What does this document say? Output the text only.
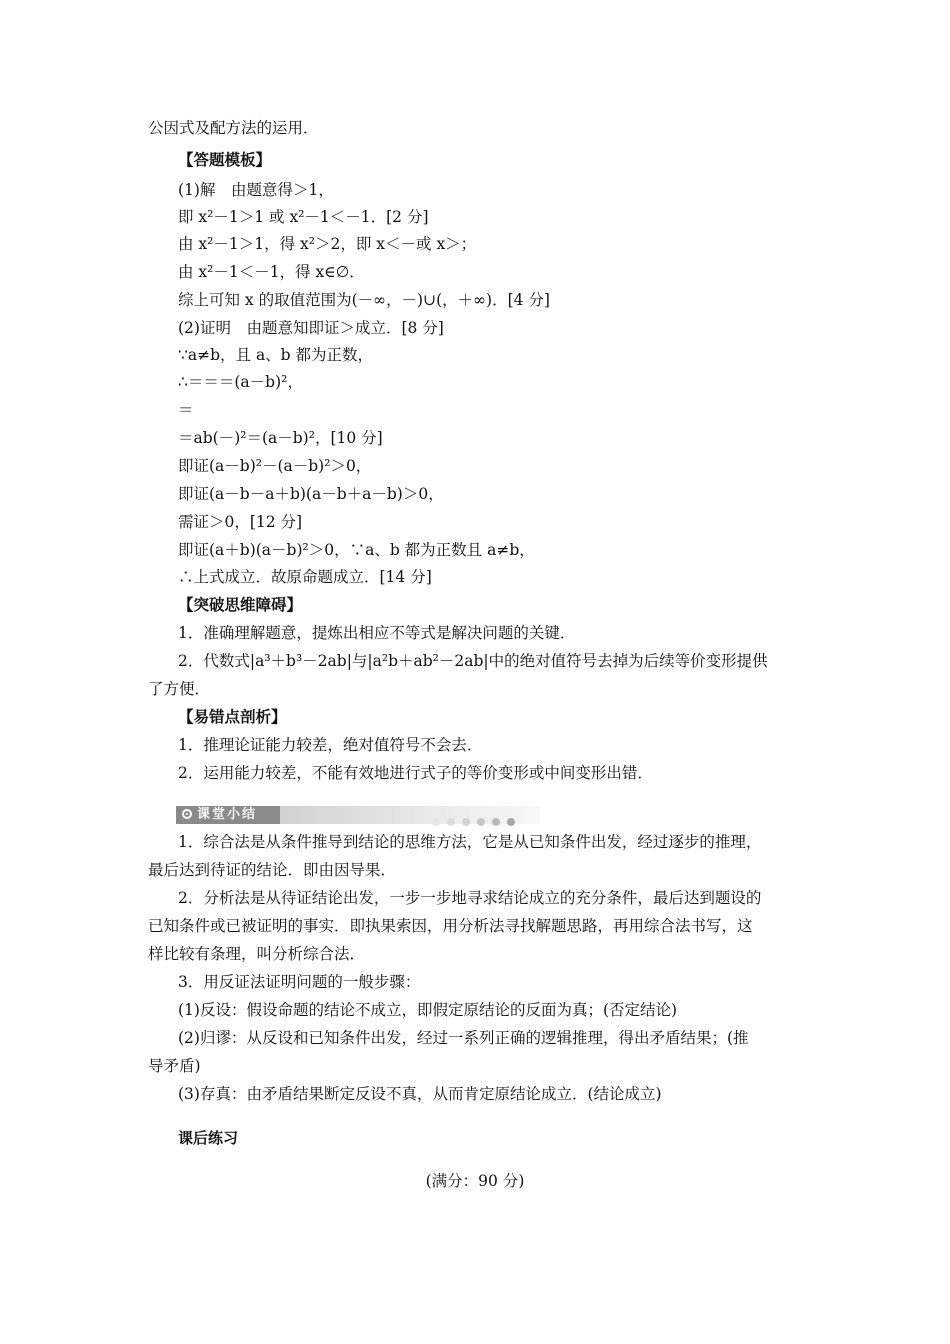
公因式及配方法的运用．
【答题模板】
(1)解　由题意得＞1，
即 x²－1＞1 或 x²－1＜－1．[2 分]
由 x²－1＞1，得 x²＞2，即 x＜－或 x＞；
由 x²－1＜－1，得 x∈∅．
综上可知 x 的取值范围为(－∞，－)∪(，＋∞)．[4 分]
(2)证明　由题意知即证＞成立．[8 分]
∵a≠b，且 a、b 都为正数，
∴＝＝＝(a－b)²，
＝
＝ab(－)²＝(a－b)²，[10 分]
即证(a－b)²－(a－b)²＞0，
即证(a－b－a＋b)(a－b＋a－b)＞0，
需证＞0，[12 分]
即证(a＋b)(a－b)²＞0，∵a、b 都为正数且 a≠b，
∴上式成立．故原命题成立．[14 分]
【突破思维障碍】
1．准确理解题意，提炼出相应不等式是解决问题的关键．
2．代数式|a³＋b³－2ab|与|a²b＋ab²－2ab|中的绝对值符号去掉为后续等价变形提供
了方便．
【易错点剖析】
1．推理论证能力较差，绝对值符号不会去．
2．运用能力较差，不能有效地进行式子的等价变形或中间变形出错．
课堂小结
1．综合法是从条件推导到结论的思维方法，它是从已知条件出发，经过逐步的推理，
最后达到待证的结论．即由因导果．
2．分析法是从待证结论出发，一步一步地寻求结论成立的充分条件，最后达到题设的
已知条件或已被证明的事实．即执果索因，用分析法寻找解题思路，再用综合法书写，这
样比较有条理，叫分析综合法．
3．用反证法证明问题的一般步骤：
(1)反设：假设命题的结论不成立，即假定原结论的反面为真；(否定结论)
(2)归谬：从反设和已知条件出发，经过一系列正确的逻辑推理，得出矛盾结果；(推
导矛盾)
(3)存真：由矛盾结果断定反设不真，从而肯定原结论成立．(结论成立)
课后练习
(满分：90 分)
